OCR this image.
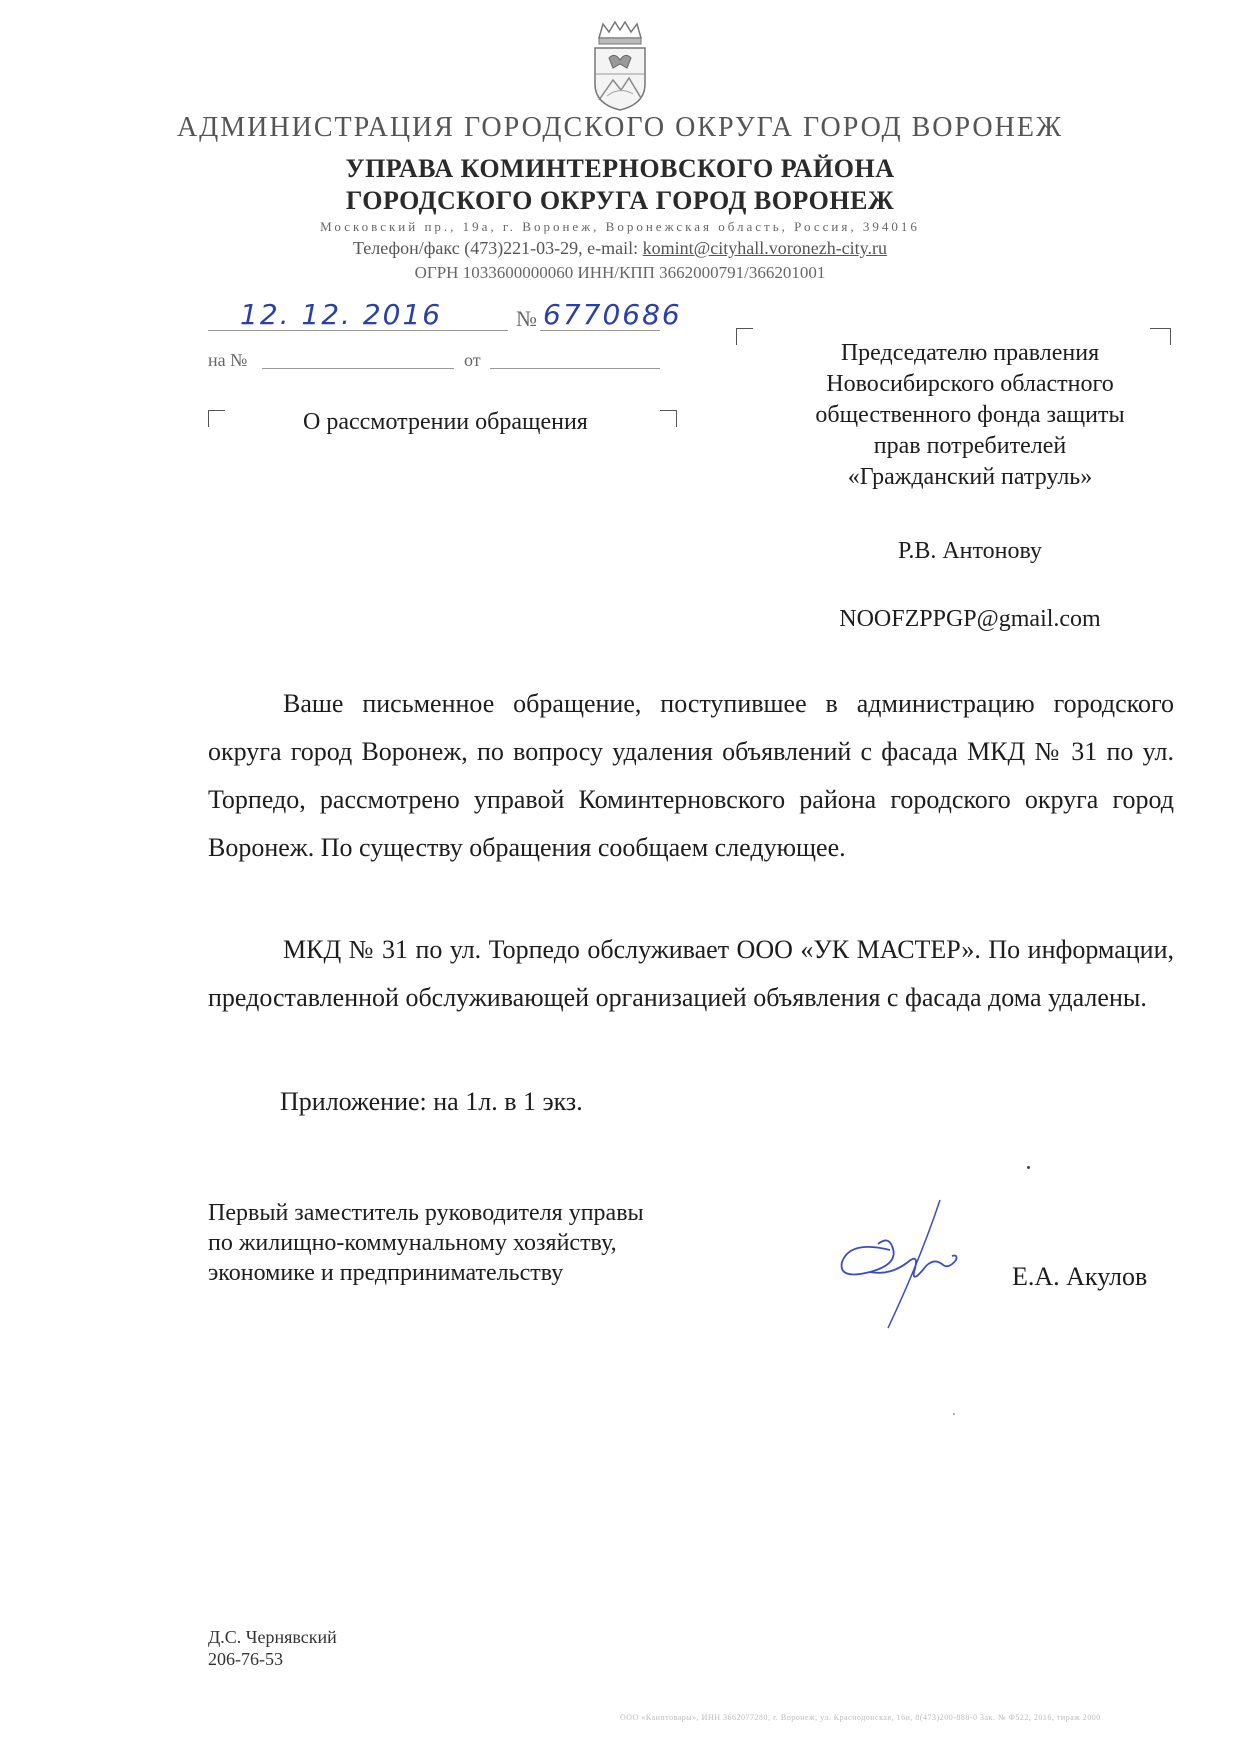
АДМИНИСТРАЦИЯ ГОРОДСКОГО ОКРУГА ГОРОД ВОРОНЕЖ
УПРАВА КОМИНТЕРНОВСКОГО РАЙОНА
ГОРОДСКОГО ОКРУГА ГОРОД ВОРОНЕЖ
Московский пр., 19а, г. Воронеж, Воронежская область, Россия, 394016
Телефон/факс (473)221-03-29, e-mail: komint@cityhall.voronezh-city.ru
ОГРН 1033600000060 ИНН/КПП 3662000791/366201001
12. 12. 2016	№ 6770686
на №	от
О рассмотрении обращения
Председателю правления
Новосибирского областного
общественного фонда защиты
прав потребителей
«Гражданский патруль»
Р.В. Антонову
NOOFZPPGP@gmail.com
Ваше письменное обращение, поступившее в администрацию городского округа город Воронеж, по вопросу удаления объявлений с фасада МКД № 31 по ул. Торпедо, рассмотрено управой Коминтерновского района городского округа город Воронеж. По существу обращения сообщаем следующее.
МКД № 31 по ул. Торпедо обслуживает ООО «УК МАСТЕР». По информации, предоставленной обслуживающей организацией объявления с фасада дома удалены.
Приложение: на 1л. в 1 экз.
Первый заместитель руководителя управы
по жилищно-коммунальному хозяйству,
экономике и предпринимательству	Е.А. Акулов
Д.С. Чернявский
206-76-53
ООО «Канптовары», ИНН 3662077280, г. Воронеж, ул. Краснодонская, 16и, 8(473)200-888-0 Зак. № Ф522, 2016, тираж 2000
